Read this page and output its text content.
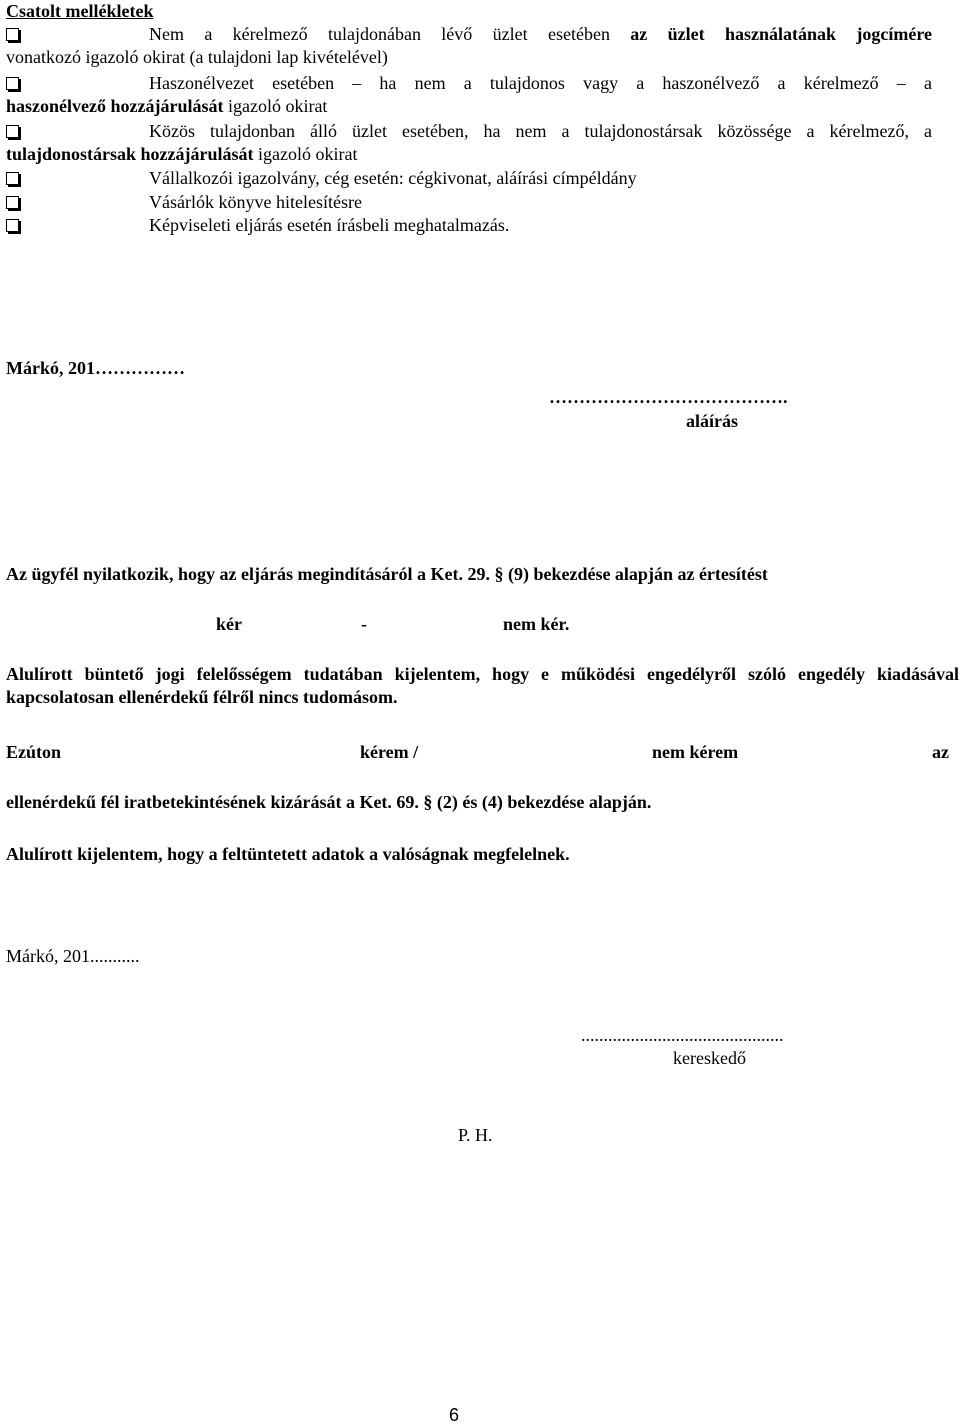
Csatolt mellékletek

Nem a kérelmező tulajdonában lévő üzlet esetében az üzlet használatának jogcímére
vonatkozó igazoló okirat (a tulajdoni lap kivételével)
Haszonélvezet esetében – ha nem a tulajdonos vagy a haszonélvező a kérelmező – a
haszonélvező hozzájárulását igazoló okirat
Közös tulajdonban álló üzlet esetében, ha nem a tulajdonostársak közössége a kérelmező, a
tulajdonostársak hozzájárulását igazoló okirat
Vállalkozói igazolvány, cég esetén: cégkivonat, aláírási címpéldány
Vásárlók könyve hitelesítésre
Képviseleti eljárás esetén írásbeli meghatalmazás.

Márkó, 201……………

………………………………….

aláírás

Az ügyfél nyilatkozik, hogy az eljárás megindításáról a Ket. 29. § (9) bekezdése alapján az értesítést

kér	-	nem kér.

Alulírott büntető jogi felelősségem tudatában kijelentem, hogy e működési engedélyről szóló engedély kiadásával kapcsolatosan ellenérdekű félről nincs tudomásom.

Ezúton	kérem /	nem kérem	az

ellenérdekű fél iratbetekintésének kizárását a Ket. 69. § (2) és (4) bekezdése alapján.

Alulírott kijelentem, hogy a feltüntetett adatok a valóságnak megfelelnek.

Márkó, 201...........

.............................................

kereskedő

P. H.

6
